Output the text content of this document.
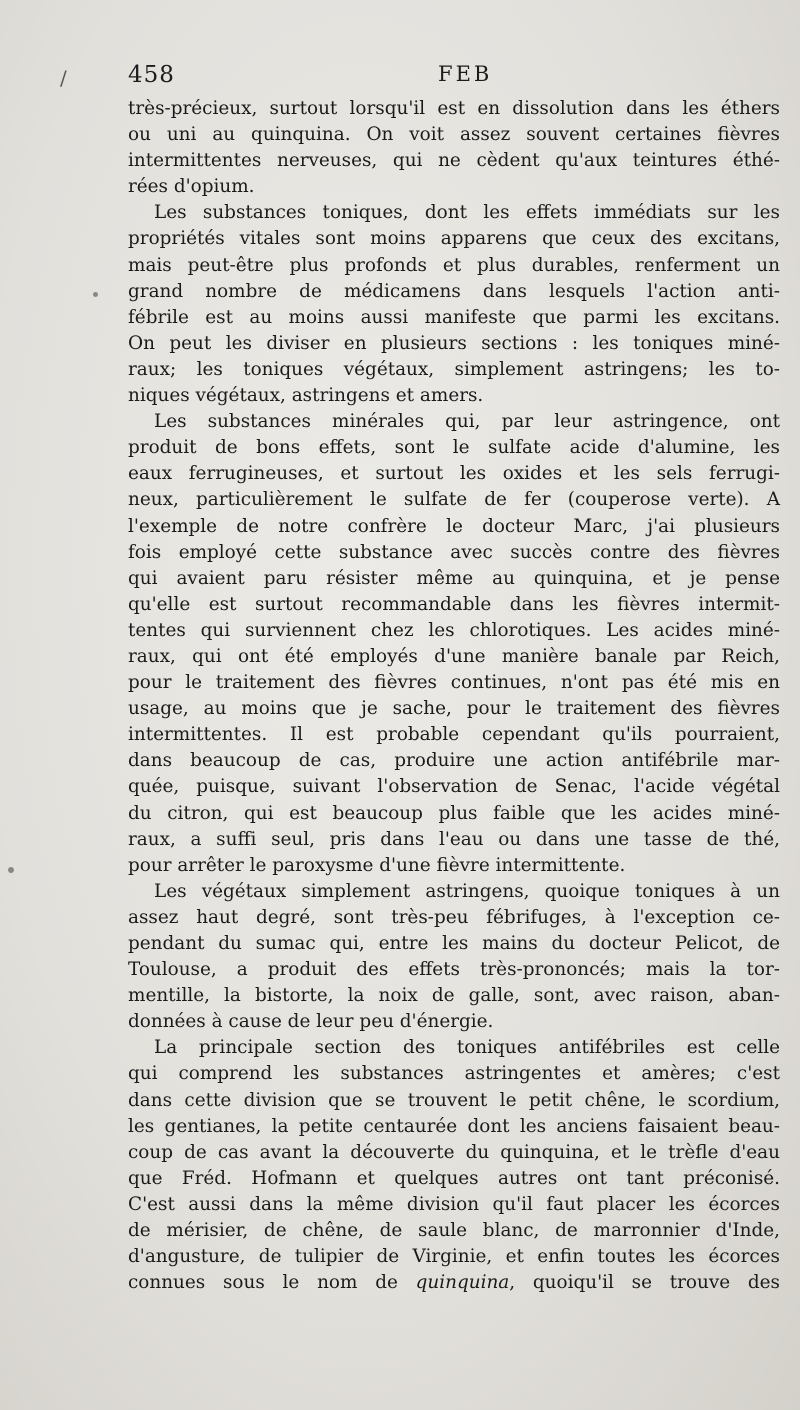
/	458	FEB
très-précieux, surtout lorsqu'il est en dissolution dans les éthers
ou uni au quinquina. On voit assez souvent certaines fièvres
intermittentes nerveuses, qui ne cèdent qu'aux teintures éthé-
rées d'opium.
Les substances toniques, dont les effets immédiats sur les
propriétés vitales sont moins apparens que ceux des excitans,
mais peut-être plus profonds et plus durables, renferment un
grand nombre de médicamens dans lesquels l'action anti-
fébrile est au moins aussi manifeste que parmi les excitans.
On peut les diviser en plusieurs sections : les toniques miné-
raux; les toniques végétaux, simplement astringens; les to-
niques végétaux, astringens et amers.
Les substances minérales qui, par leur astringence, ont
produit de bons effets, sont le sulfate acide d'alumine, les
eaux ferrugineuses, et surtout les oxides et les sels ferrugi-
neux, particulièrement le sulfate de fer (couperose verte). A
l'exemple de notre confrère le docteur Marc, j'ai plusieurs
fois employé cette substance avec succès contre des fièvres
qui avaient paru résister même au quinquina, et je pense
qu'elle est surtout recommandable dans les fièvres intermit-
tentes qui surviennent chez les chlorotiques. Les acides miné-
raux, qui ont été employés d'une manière banale par Reich,
pour le traitement des fièvres continues, n'ont pas été mis en
usage, au moins que je sache, pour le traitement des fièvres
intermittentes. Il est probable cependant qu'ils pourraient,
dans beaucoup de cas, produire une action antifébrile mar-
quée, puisque, suivant l'observation de Senac, l'acide végétal
du citron, qui est beaucoup plus faible que les acides miné-
raux, a suffi seul, pris dans l'eau ou dans une tasse de thé,
pour arrêter le paroxysme d'une fièvre intermittente.
Les végétaux simplement astringens, quoique toniques à un
assez haut degré, sont très-peu fébrifuges, à l'exception ce-
pendant du sumac qui, entre les mains du docteur Pelicot, de
Toulouse, a produit des effets très-prononcés; mais la tor-
mentille, la bistorte, la noix de galle, sont, avec raison, aban-
données à cause de leur peu d'énergie.
La principale section des toniques antifébriles est celle
qui comprend les substances astringentes et amères; c'est
dans cette division que se trouvent le petit chêne, le scordium,
les gentianes, la petite centaurée dont les anciens faisaient beau-
coup de cas avant la découverte du quinquina, et le trèfle d'eau
que Fréd. Hofmann et quelques autres ont tant préconisé.
C'est aussi dans la même division qu'il faut placer les écorces
de mérisier, de chêne, de saule blanc, de marronnier d'Inde,
d'angusture, de tulipier de Virginie, et enfin toutes les écorces
connues sous le nom de quinquina, quoiqu'il se trouve des
